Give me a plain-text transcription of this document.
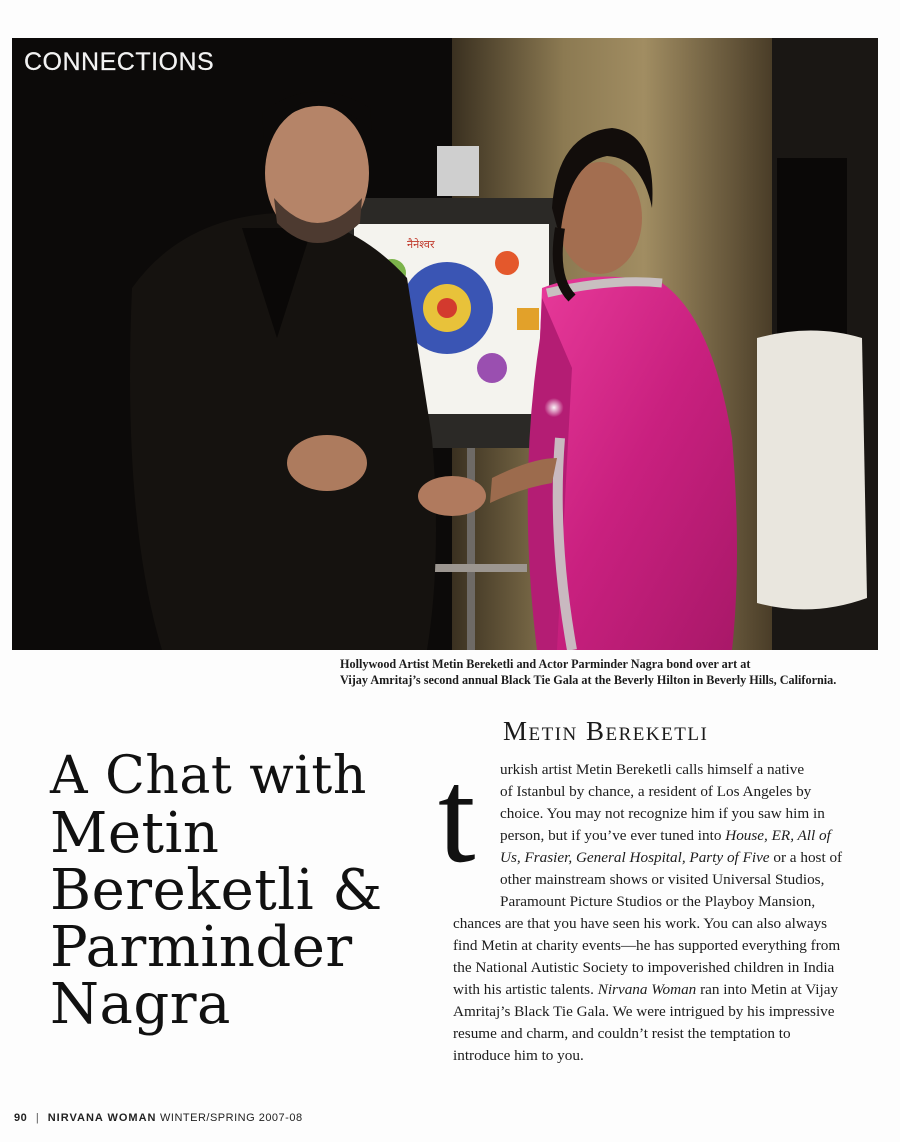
नैनेश्वर
CONNECTIONS
Hollywood Artist Metin Bereketli and Actor Parminder Nagra bond over art at
Vijay Amritaj’s second annual Black Tie Gala at the Beverly Hilton in Beverly Hills, California.
A Chat with
Metin
Bereketli &
Parminder
Nagra
Metin Bereketli
t urkish artist Metin Bereketli calls himself a native
of Istanbul by chance, a resident of Los Angeles by
choice. You may not recognize him if you saw him in
person, but if you’ve ever tuned into House, ER, All of
Us, Frasier, General Hospital, Party of Five or a host of
other mainstream shows or visited Universal Studios,
Paramount Picture Studios or the Playboy Mansion,
chances are that you have seen his work. You can also always
find Metin at charity events—he has supported everything from
the National Autistic Society to impoverished children in India
with his artistic talents. Nirvana Woman ran into Metin at Vijay
Amritaj’s Black Tie Gala. We were intrigued by his impressive
resume and charm, and couldn’t resist the temptation to
introduce him to you.
90 | NIRVANA WOMAN WINTER/SPRING 2007-08
